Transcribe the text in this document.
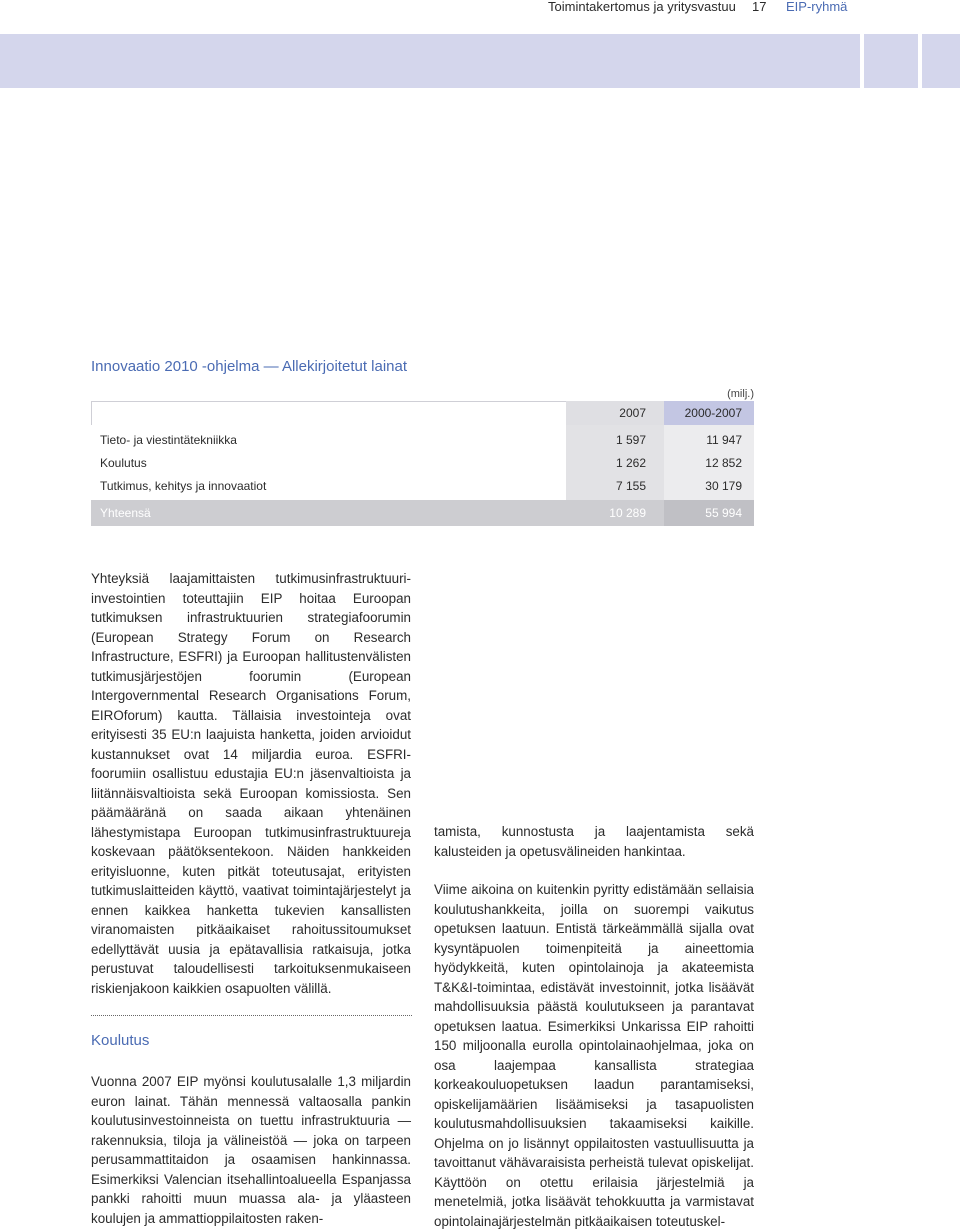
Toimintakertomus ja yritysvastuu 17 EIP-ryhmä
Innovaatio 2010 -ohjelma — Allekirjoitetut lainat
(milj.)
2007	2000-2007
Tieto- ja viestintätekniikka	1 597	11 947
Koulutus	1 262	12 852
Tutkimus, kehitys ja innovaatiot	7 155	30 179
Yhteensä	10 289	55 994

Yhteyksiä laajamittaisten tutkimusinfrastruktuuri-investointien toteuttajiin EIP hoitaa Euroopan tutkimuksen infrastruktuurien strategiafoorumin (European Strategy Forum on Research Infrastructure, ESFRI) ja Euroopan hallitustenvälisten tutkimusjärjestöjen foorumin (European Intergovernmental Research Organisations Forum, EIROforum) kautta. Tällaisia investointeja ovat erityisesti 35 EU:n laajuista hanketta, joiden arvioidut kustannukset ovat 14 miljardia euroa. ESFRI-foorumiin osallistuu edustajia EU:n jäsenvaltioista ja liitännäisvaltioista sekä Euroopan komissiosta. Sen päämääränä on saada aikaan yhtenäinen lähestymistapa Euroopan tutkimusinfrastruktuureja koskevaan päätöksentekoon. Näiden hankkeiden erityisluonne, kuten pitkät toteutusajat, erityisten tutkimuslaitteiden käyttö, vaativat toimintajärjestelyt ja ennen kaikkea hanketta tukevien kansallisten viranomaisten pitkäaikaiset rahoitussitoumukset edellyttävät uusia ja epätavallisia ratkaisuja, jotka perustuvat taloudellisesti tarkoituksenmukaiseen riskienjakoon kaikkien osapuolten välillä.

Koulutus

Vuonna 2007 EIP myönsi koulutusalalle 1,3 miljardin euron lainat. Tähän mennessä valtaosalla pankin koulutusinvestoinneista on tuettu infrastruktuuria — rakennuksia, tiloja ja välineistöä — joka on tarpeen perusammattitaidon ja osaamisen hankinnassa. Esimerkiksi Valencian itsehallintoalueella Espanjassa pankki rahoitti muun muassa ala- ja yläasteen koulujen ja ammattioppilaitosten raken-

tamista, kunnostusta ja laajentamista sekä kalusteiden ja opetusvälineiden hankintaa.

Viime aikoina on kuitenkin pyritty edistämään sellaisia koulutushankkeita, joilla on suorempi vaikutus opetuksen laatuun. Entistä tärkeämmällä sijalla ovat kysyntäpuolen toimenpiteitä ja aineettomia hyödykkeitä, kuten opintolainoja ja akateemista T&K&I-toimintaa, edistävät investoinnit, jotka lisäävät mahdollisuuksia päästä koulutukseen ja parantavat opetuksen laatua. Esimerkiksi Unkarissa EIP rahoitti 150 miljoonalla eurolla opintolainaohjelmaa, joka on osa laajempaa kansallista strategiaa korkeakouluopetuksen laadun parantamiseksi, opiskelijamäärien lisäämiseksi ja tasapuolisten koulutusmahdollisuuksien takaamiseksi kaikille. Ohjelma on jo lisännyt oppilaitosten vastuullisuutta ja tavoittanut vähävaraisista perheistä tulevat opiskelijat. Käyttöön on otettu erilaisia järjestelmiä ja menetelmiä, jotka lisäävät tehokkuutta ja varmistavat opintolainajärjestelmän pitkäaikaisen toteutuskel-
